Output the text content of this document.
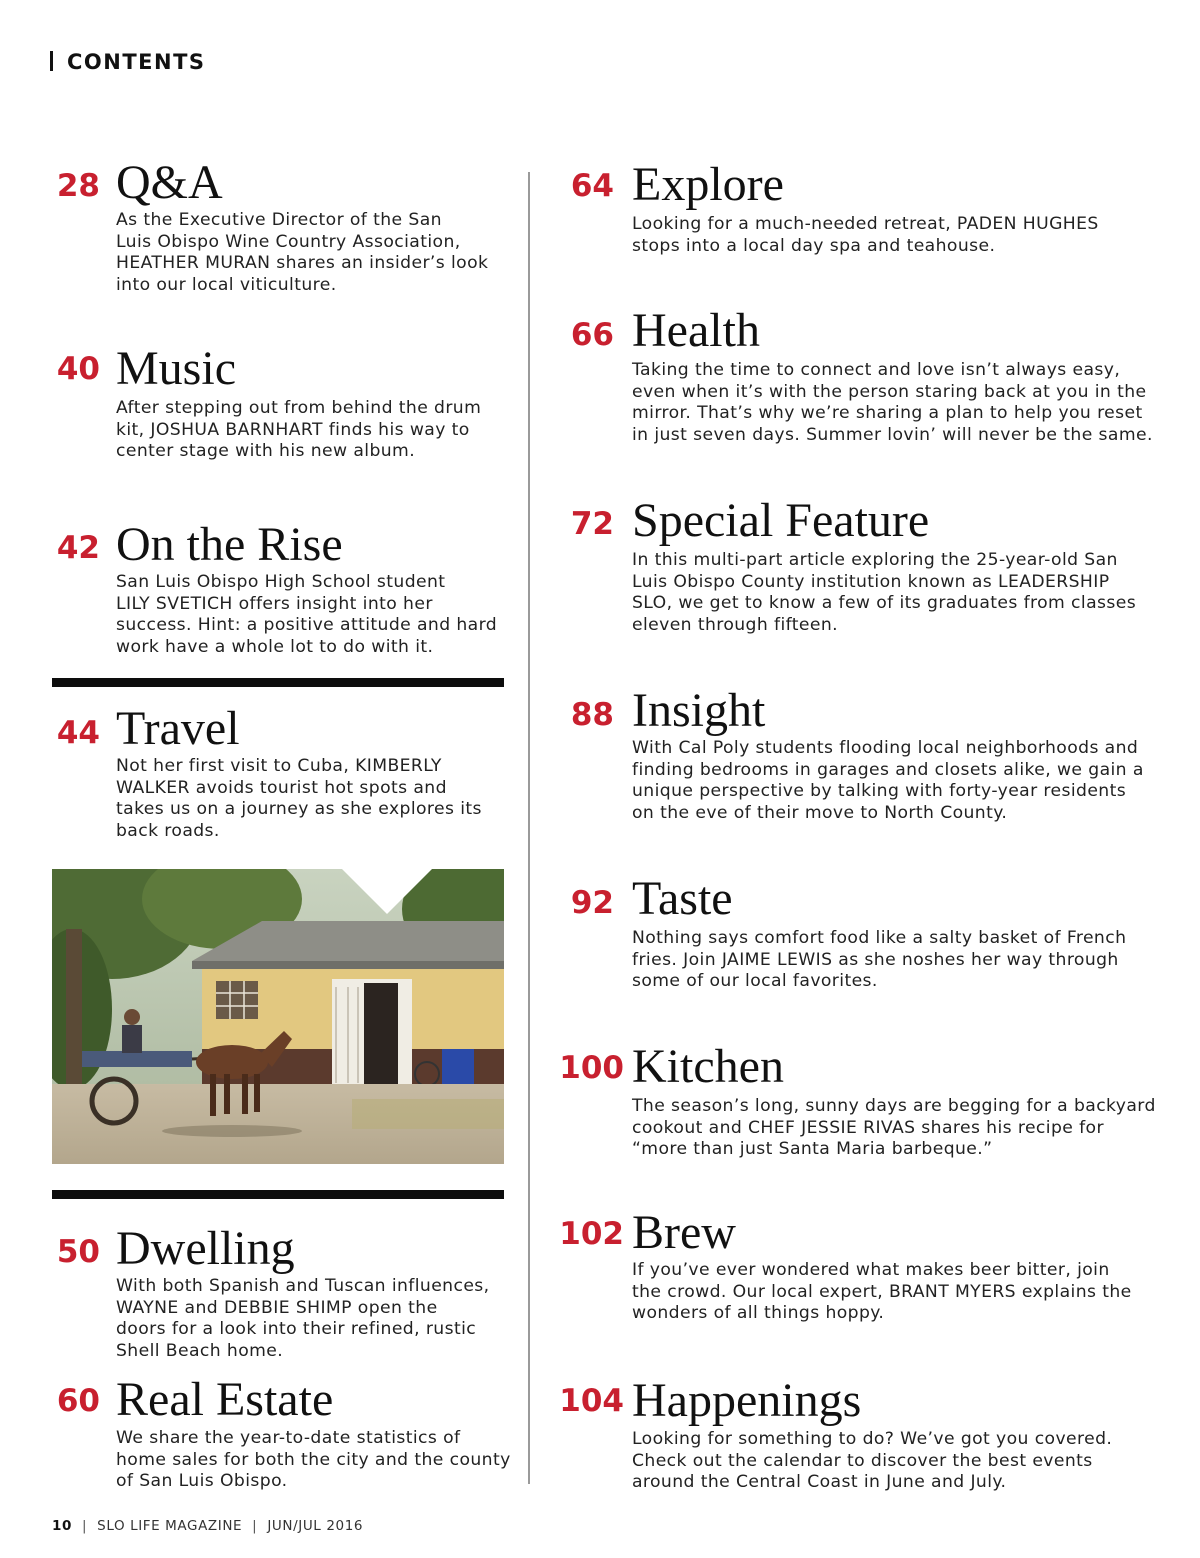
CONTENTS
28 Q&A
As the Executive Director of the San
Luis Obispo Wine Country Association,
HEATHER MURAN shares an insider’s look
into our local viticulture.
40 Music
After stepping out from behind the drum
kit, JOSHUA BARNHART finds his way to
center stage with his new album.
42 On the Rise
San Luis Obispo High School student
LILY SVETICH offers insight into her
success. Hint: a positive attitude and hard
work have a whole lot to do with it.
44 Travel
Not her first visit to Cuba, KIMBERLY
WALKER avoids tourist hot spots and
takes us on a journey as she explores its
back roads.
50 Dwelling
With both Spanish and Tuscan influences,
WAYNE and DEBBIE SHIMP open the
doors for a look into their refined, rustic
Shell Beach home.
60 Real Estate
We share the year-to-date statistics of
home sales for both the city and the county
of San Luis Obispo.
64 Explore
Looking for a much-needed retreat, PADEN HUGHES
stops into a local day spa and teahouse.
66 Health
Taking the time to connect and love isn’t always easy,
even when it’s with the person staring back at you in the
mirror. That’s why we’re sharing a plan to help you reset
in just seven days. Summer lovin’ will never be the same.
72 Special Feature
In this multi-part article exploring the 25-year-old San
Luis Obispo County institution known as LEADERSHIP
SLO, we get to know a few of its graduates from classes
eleven through fifteen.
88 Insight
With Cal Poly students flooding local neighborhoods and
finding bedrooms in garages and closets alike, we gain a
unique perspective by talking with forty-year residents
on the eve of their move to North County.
92 Taste
Nothing says comfort food like a salty basket of French
fries. Join JAIME LEWIS as she noshes her way through
some of our local favorites.
100 Kitchen
The season’s long, sunny days are begging for a backyard
cookout and CHEF JESSIE RIVAS shares his recipe for
“more than just Santa Maria barbeque.”
102 Brew
If you’ve ever wondered what makes beer bitter, join
the crowd. Our local expert, BRANT MYERS explains the
wonders of all things hoppy.
104 Happenings
Looking for something to do? We’ve got you covered.
Check out the calendar to discover the best events
around the Central Coast in June and July.
10 | SLO LIFE MAGAZINE | JUN/JUL 2016
